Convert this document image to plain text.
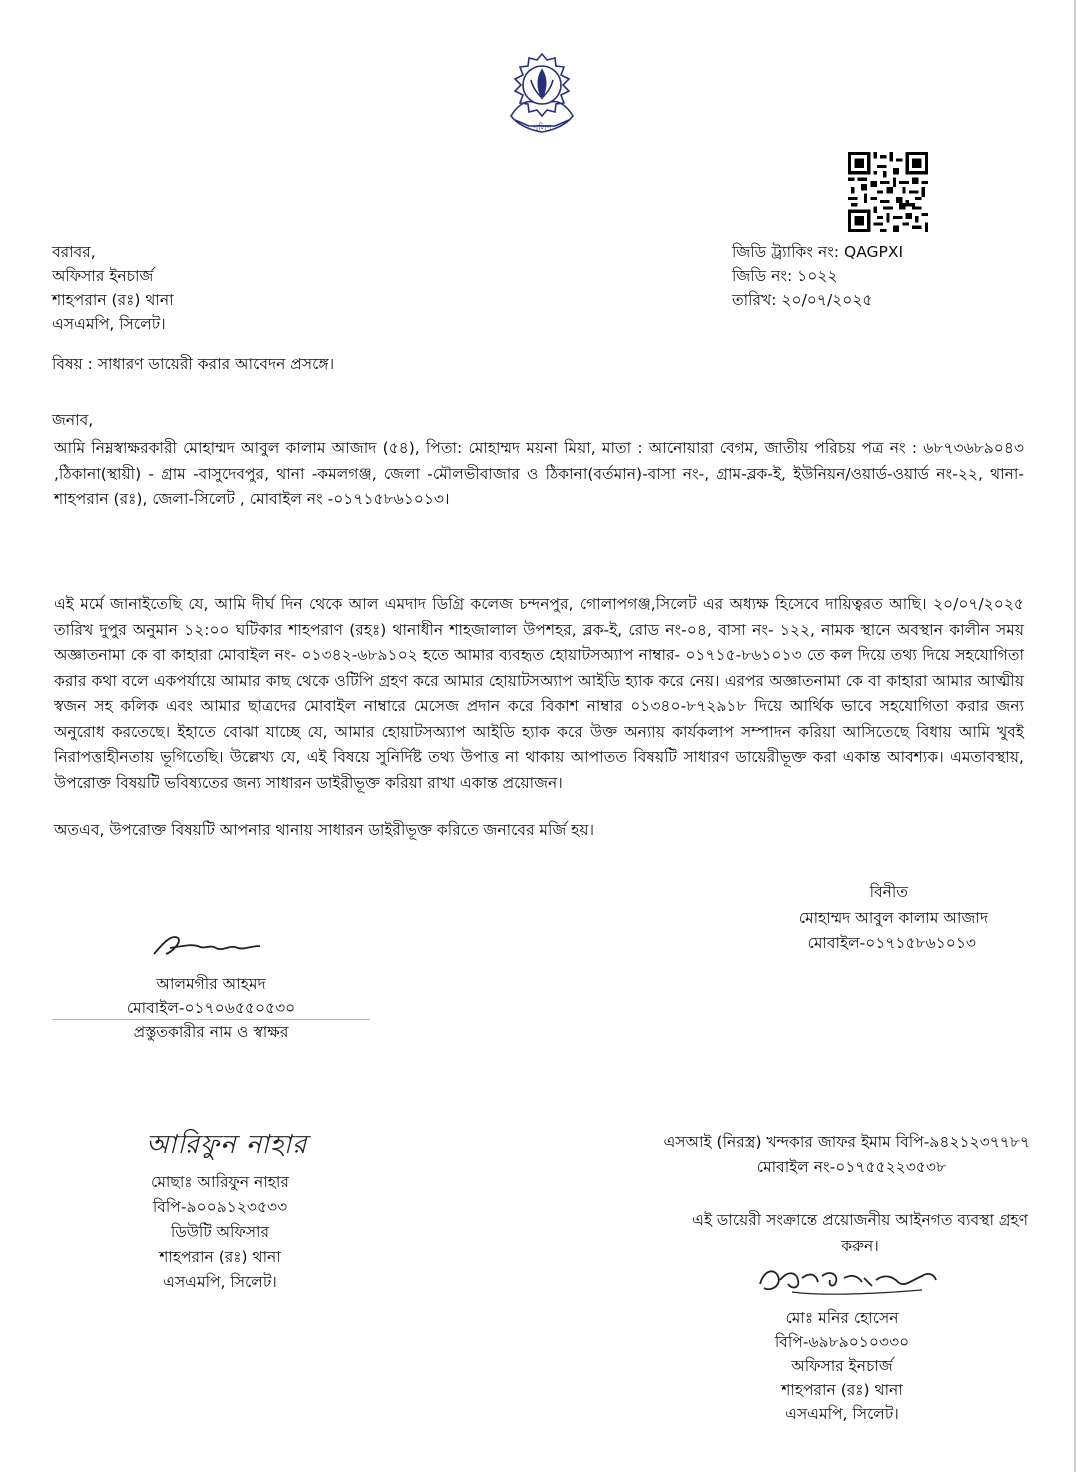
পুলিশ
বরাবর,
অফিসার ইনচার্জ
শাহপরান (রঃ) থানা
এসএমপি, সিলেট।
জিডি ট্র্যাকিং নং: QAGPXI
জিডি নং: ১০২২
তারিখ: ২০/০৭/২০২৫
বিষয় : সাধারণ ডায়েরী করার আবেদন প্রসঙ্গে।
জনাব,
আমি নিম্নস্বাক্ষরকারী মোহাম্মদ আবুল কালাম আজাদ (৫৪), পিতা: মোহাম্মদ ময়না মিয়া, মাতা : আনোয়ারা বেগম, জাতীয় পরিচয় পত্র নং : ৬৮৭৩৬৮৯০৪৩ ,ঠিকানা(স্থায়ী) - গ্রাম -বাসুদেবপুর, থানা -কমলগঞ্জ, জেলা -মৌলভীবাজার ও ঠিকানা(বর্তমান)-বাসা নং-, গ্রাম-ব্লক-ই, ইউনিয়ন/ওয়ার্ড-ওয়ার্ড নং-২২, থানা-শাহপরান (রঃ), জেলা-সিলেট , মোবাইল নং -০১৭১৫৮৬১০১৩।
এই মর্মে জানাইতেছি যে, আমি দীর্ঘ দিন থেকে আল এমদাদ ডিগ্রি কলেজ চন্দনপুর, গোলাপগঞ্জ,সিলেট এর অধ্যক্ষ হিসেবে দায়িত্বরত আছি। ২০/০৭/২০২৫ তারিখ দুপুর অনুমান ১২:০০ ঘটিকার শাহপরাণ (রহঃ) থানাধীন শাহজালাল উপশহর, ব্লক-ই, রোড নং-০৪, বাসা নং- ১২২, নামক স্থানে অবস্থান কালীন সময় অজ্ঞাতনামা কে বা কাহারা মোবাইল নং- ০১৩৪২-৬৮৯১০২ হতে আমার ব্যবহৃত হোয়াটসঅ্যাপ নাম্বার- ০১৭১৫-৮৬১০১৩ তে কল দিয়ে তথ্য দিয়ে সহযোগিতা করার কথা বলে একপর্যায়ে আমার কাছ থেকে ওটিপি গ্রহণ করে আমার হোয়াটসঅ্যাপ আইডি হ্যাক করে নেয়। এরপর অজ্ঞাতনামা কে বা কাহারা আমার আত্মীয় স্বজন সহ কলিক এবং আমার ছাত্রদের মোবাইল নাম্বারে মেসেজ প্রদান করে বিকাশ নাম্বার ০১৩৪০-৮৭২৯১৮ দিয়ে আর্থিক ভাবে সহযোগিতা করার জন্য অনুরোধ করতেছে। ইহাতে বোঝা যাচ্ছে যে, আমার হোয়াটসঅ্যাপ আইডি হ্যাক করে উক্ত অন্যায় কার্যকলাপ সম্পাদন করিয়া আসিতেছে বিধায় আমি খুবই নিরাপত্তাহীনতায় ভূগিতেছি। উল্লেখ্য যে, এই বিষয়ে সুনির্দিষ্ট তথ্য উপাত্ত না থাকায় আপাতত বিষয়টি সাধারণ ডায়েরীভূক্ত করা একান্ত আবশ্যক। এমতাবস্থায়, উপরোক্ত বিষয়টি ভবিষ্যতের জন্য সাধারন ডাইরীভূক্ত করিয়া রাখা একান্ত প্রয়োজন।
অতএব, উপরোক্ত বিষয়টি আপনার থানায় সাধারন ডাইরীভূক্ত করিতে জনাবের মর্জি হয়।
বিনীত
মোহাম্মদ আবুল কালাম আজাদ
মোবাইল-০১৭১৫৮৬১০১৩
আলমগীর আহমদ
মোবাইল-০১৭০৬৫৫০৫৩০
প্রস্তুতকারীর নাম ও স্বাক্ষর
আরিফুন নাহার
মোছাঃ আরিফুন নাহার
বিপি-৯০০৯১২৩৫৩৩
ডিউটি অফিসার
শাহপরান (রঃ) থানা
এসএমপি, সিলেট।
এসআই (নিরস্ত্র) খন্দকার জাফর ইমাম বিপি-৯৪২১২৩৭৭৮৭
মোবাইল নং-০১৭৫৫২২৩৫৩৮
এই ডায়েরী সংক্রান্তে প্রয়োজনীয় আইনগত ব্যবস্থা গ্রহণ
করুন।
মোঃ মনির হোসেন
বিপি-৬৯৮৯০১০৩৩০
অফিসার ইনচার্জ
শাহপরান (রঃ) থানা
এসএমপি, সিলেট।
